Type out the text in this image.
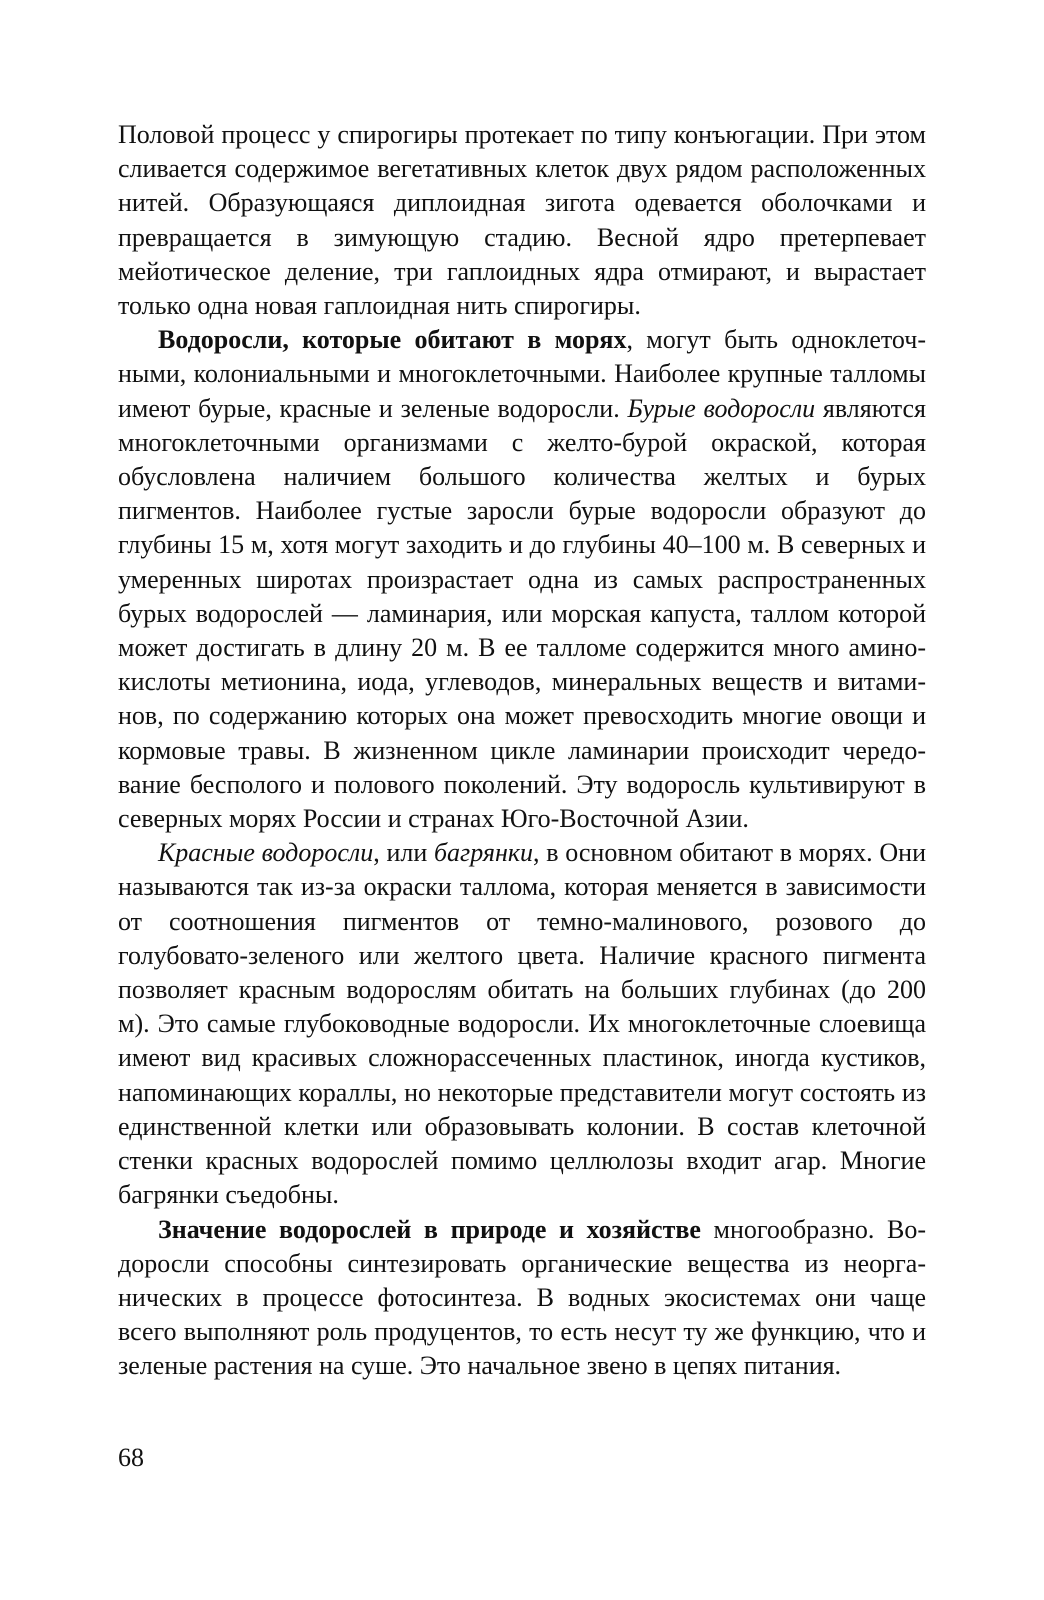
Половой процесс у спирогиры протекает по типу конъюгации. При этом сливается содержимое вегетативных клеток двух рядом расположенных нитей. Образующаяся диплоидная зигота одевается оболочками и превращается в зимующую стадию. Весной ядро претерпевает мейотическое деление, три гаплоидных ядра отмирают, и вырастает только одна новая гаплоидная нить спирогиры.

Водоросли, которые обитают в морях, могут быть одноклеточными, колониальными и многоклеточными. Наиболее крупные талломы имеют бурые, красные и зеленые водоросли. Бурые водоросли являются многоклеточными организмами с желто-бурой окраской, которая обусловлена наличием большого количества желтых и бурых пигментов. Наиболее густые заросли бурые водоросли образуют до глубины 15 м, хотя могут заходить и до глубины 40–100 м. В северных и умеренных широтах произрастает одна из самых распространенных бурых водорослей — ламинария, или морская капуста, таллом которой может достигать в длину 20 м. В ее талломе содержится много аминокислоты метионина, иода, углеводов, минеральных веществ и витаминов, по содержанию которых она может превосходить многие овощи и кормовые травы. В жизненном цикле ламинарии происходит чередование бесполого и полового поколений. Эту водоросль культивируют в северных морях России и странах Юго-Восточной Азии.

Красные водоросли, или багрянки, в основном обитают в морях. Они называются так из-за окраски таллома, которая меняется в зависимости от соотношения пигментов от темно-малинового, розового до голубовато-зеленого или желтого цвета. Наличие красного пигмента позволяет красным водорослям обитать на больших глубинах (до 200 м). Это самые глубоководные водоросли. Их многоклеточные слоевища имеют вид красивых сложнорассеченных пластинок, иногда кустиков, напоминающих кораллы, но некоторые представители могут состоять из единственной клетки или образовывать колонии. В состав клеточной стенки красных водорослей помимо целлюлозы входит агар. Многие багрянки съедобны.

Значение водорослей в природе и хозяйстве многообразно. Водоросли способны синтезировать органические вещества из неорганических в процессе фотосинтеза. В водных экосистемах они чаще всего выполняют роль продуцентов, то есть несут ту же функцию, что и зеленые растения на суше. Это начальное звено в цепях питания.

68
